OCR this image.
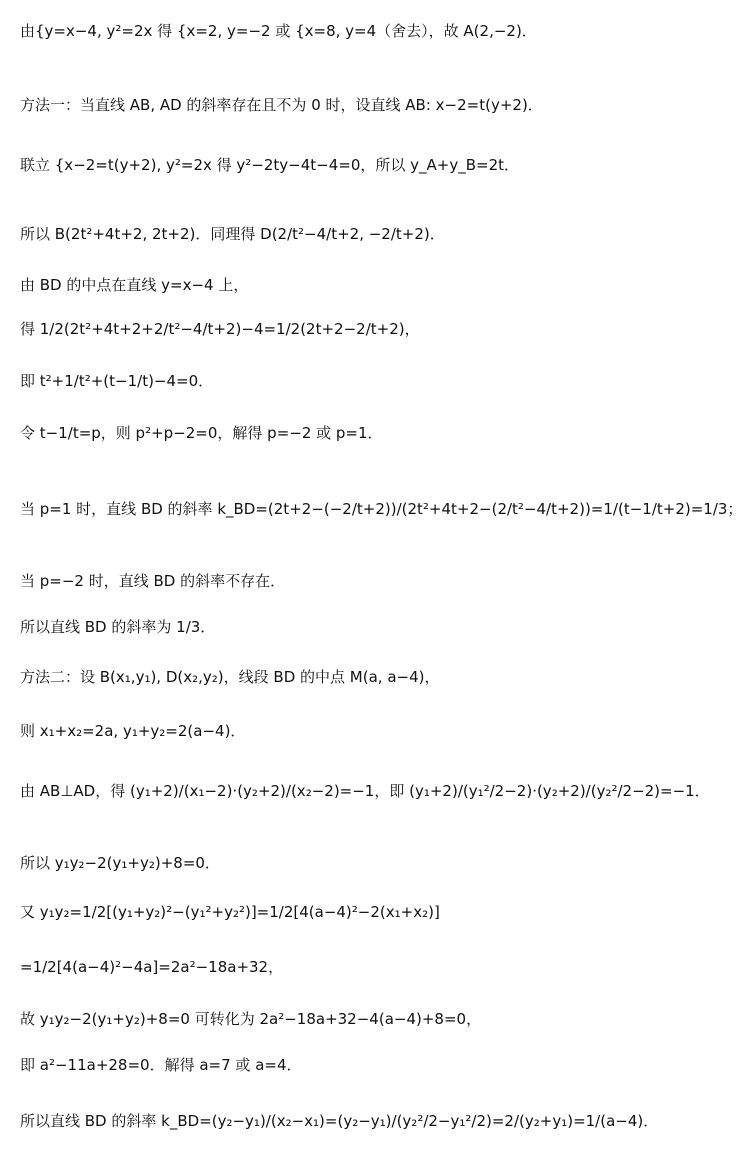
由{y=x−4, y²=2x 得 {x=2, y=−2 或 {x=8, y=4（舍去），故 A(2,−2)．
方法一：当直线 AB, AD 的斜率存在且不为 0 时，设直线 AB: x−2=t(y+2)．
联立 {x−2=t(y+2), y²=2x 得 y²−2ty−4t−4=0，所以 y_A+y_B=2t．
所以 B(2t²+4t+2, 2t+2)．同理得 D(2/t²−4/t+2, −2/t+2)．
由 BD 的中点在直线 y=x−4 上，
得 1/2(2t²+4t+2+2/t²−4/t+2)−4=1/2(2t+2−2/t+2)，
即 t²+1/t²+(t−1/t)−4=0．
令 t−1/t=p，则 p²+p−2=0，解得 p=−2 或 p=1．
当 p=1 时，直线 BD 的斜率 k_BD=(2t+2−(−2/t+2))/(2t²+4t+2−(2/t²−4/t+2))=1/(t−1/t+2)=1/3；
当 p=−2 时，直线 BD 的斜率不存在．
所以直线 BD 的斜率为 1/3．
方法二：设 B(x₁,y₁), D(x₂,y₂)，线段 BD 的中点 M(a, a−4)，
则 x₁+x₂=2a, y₁+y₂=2(a−4)．
由 AB⊥AD，得 (y₁+2)/(x₁−2)·(y₂+2)/(x₂−2)=−1，即 (y₁+2)/(y₁²/2−2)·(y₂+2)/(y₂²/2−2)=−1．
所以 y₁y₂−2(y₁+y₂)+8=0．
又 y₁y₂=1/2[(y₁+y₂)²−(y₁²+y₂²)]=1/2[4(a−4)²−2(x₁+x₂)]
=1/2[4(a−4)²−4a]=2a²−18a+32，
故 y₁y₂−2(y₁+y₂)+8=0 可转化为 2a²−18a+32−4(a−4)+8=0，
即 a²−11a+28=0．解得 a=7 或 a=4．
所以直线 BD 的斜率 k_BD=(y₂−y₁)/(x₂−x₁)=(y₂−y₁)/(y₂²/2−y₁²/2)=2/(y₂+y₁)=1/(a−4)．
